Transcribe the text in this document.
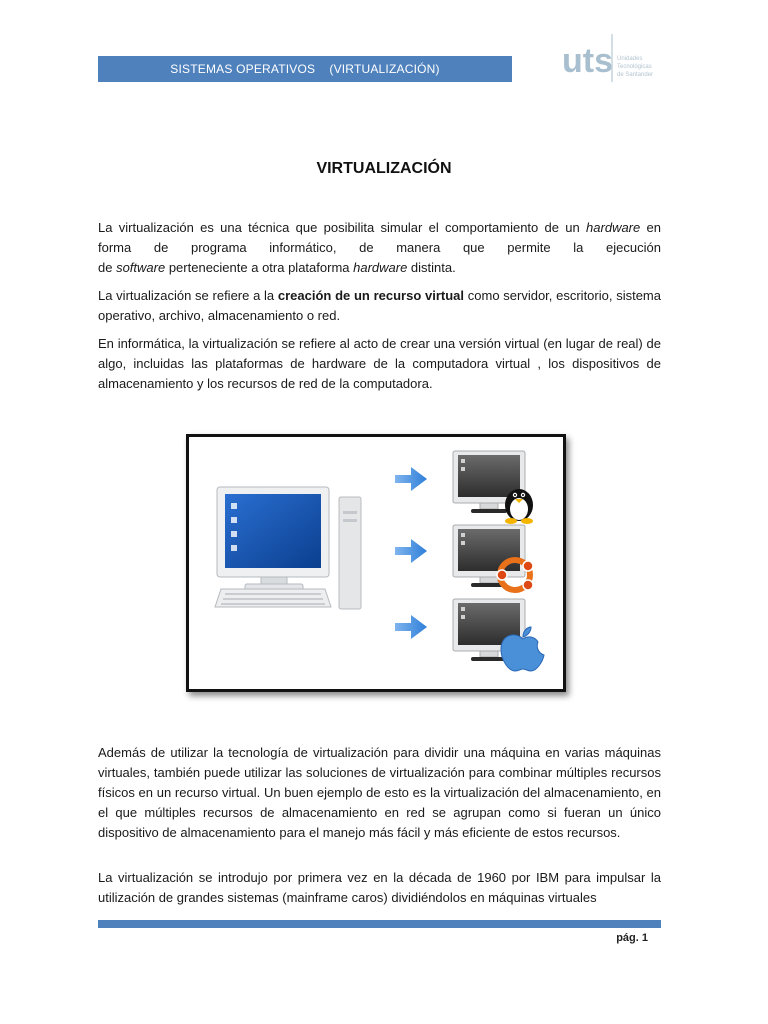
SISTEMAS OPERATIVOS    (VIRTUALIZACIÓN)	uts Unidades
Tecnológicas
de Santander
VIRTUALIZACIÓN
La virtualización es una técnica que posibilita simular el comportamiento de un hardware en
forma de programa informático, de manera que permite la ejecución
de software perteneciente a otra plataforma hardware distinta.
La virtualización se refiere a la creación de un recurso virtual como servidor, escritorio, sistema operativo, archivo, almacenamiento o red.
En informática, la virtualización se refiere al acto de crear una versión virtual (en lugar de real) de algo, incluidas las plataformas de hardware de la computadora virtual , los dispositivos de almacenamiento y los recursos de red de la computadora.
Además de utilizar la tecnología de virtualización para dividir una máquina en varias máquinas virtuales, también puede utilizar las soluciones de virtualización para combinar múltiples recursos físicos en un recurso virtual. Un buen ejemplo de esto es la virtualización del almacenamiento, en el que múltiples recursos de almacenamiento en red se agrupan como si fueran un único dispositivo de almacenamiento para el manejo más fácil y más eficiente de estos recursos.
La virtualización se introdujo por primera vez en la década de 1960 por IBM para impulsar la utilización de grandes sistemas (mainframe caros) dividiéndolos en máquinas virtuales
pág. 1
